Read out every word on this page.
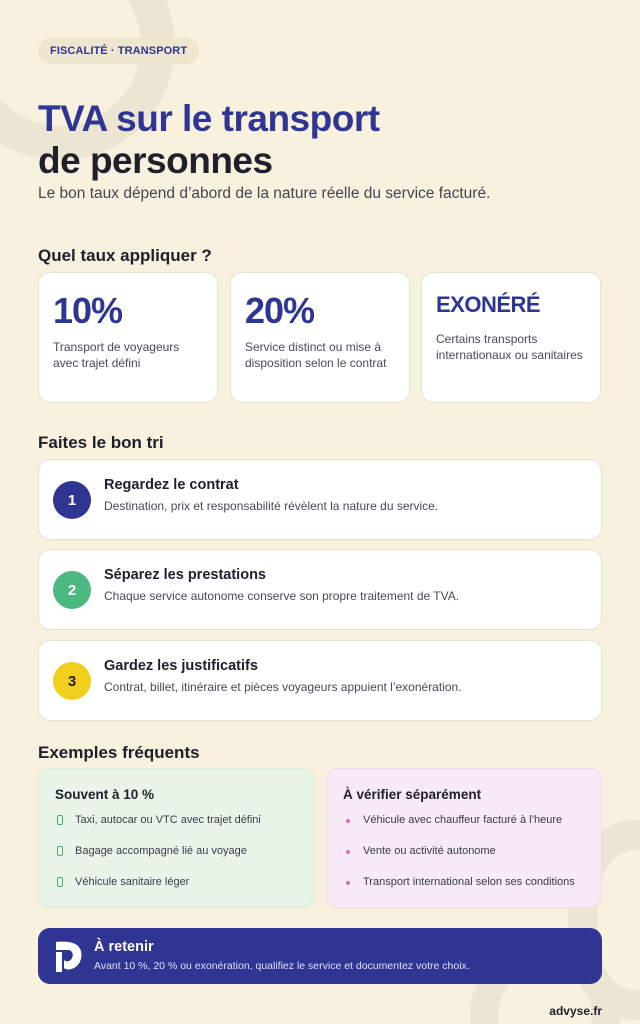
FISCALITÉ · TRANSPORT
TVA sur le transport
de personnes

Le bon taux dépend d’abord de la nature réelle du service facturé.

Quel taux appliquer ?
10%
Transport de voyageurs avec trajet défini
20%
Service distinct ou mise à disposition selon le contrat
EXONÉRÉ
Certains transports internationaux ou sanitaires
Faites le bon tri
1
Regardez le contrat
Destination, prix et responsabilité révèlent la nature du service.
2
Séparez les prestations
Chaque service autonome conserve son propre traitement de TVA.
3
Gardez les justificatifs
Contrat, billet, itinéraire et pièces voyageurs appuient l’exonération.
Exemples fréquents
Souvent à 10 %
Taxi, autocar ou VTC avec trajet défini
Bagage accompagné lié au voyage
Véhicule sanitaire léger
À vérifier séparément
Véhicule avec chauffeur facturé à l’heure
Vente ou activité autonome
Transport international selon ses conditions
À retenir
Avant 10 %, 20 % ou exonération, qualifiez le service et documentez votre choix.
advyse.fr
